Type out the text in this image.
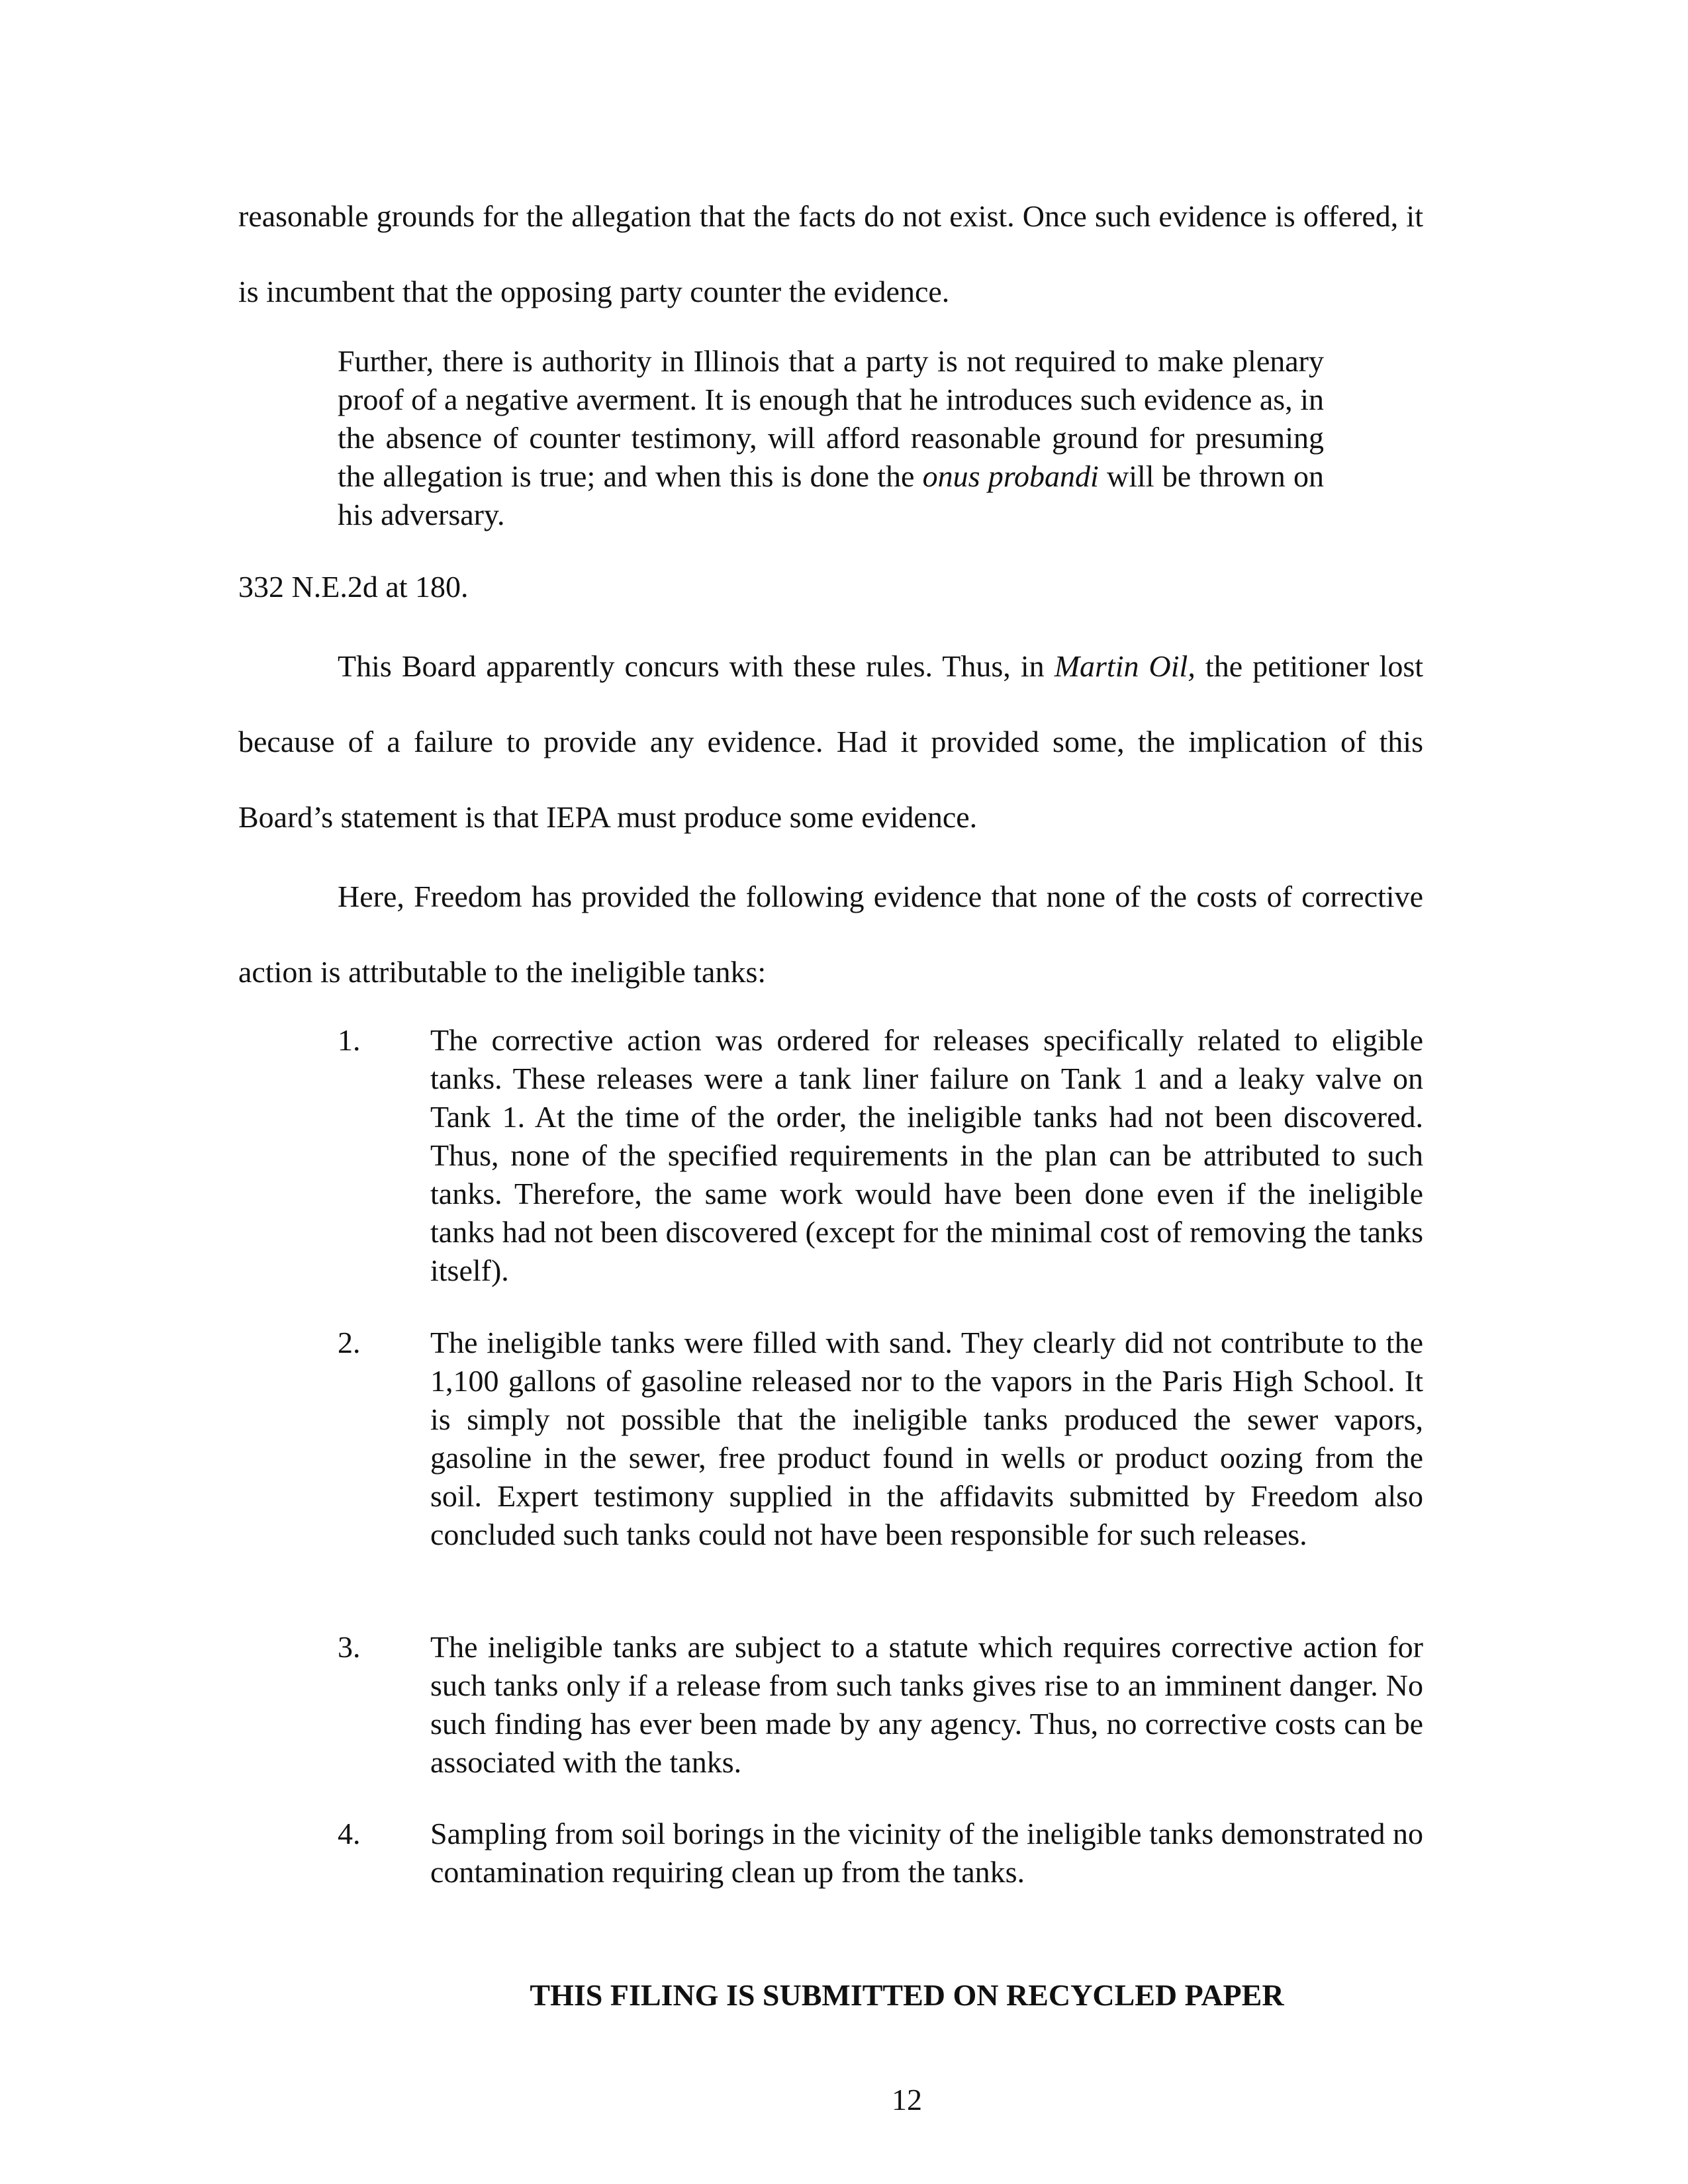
reasonable grounds for the allegation that the facts do not exist. Once such evidence is offered, it is incumbent that the opposing party counter the evidence.

Further, there is authority in Illinois that a party is not required to make plenary proof of a negative averment. It is enough that he introduces such evidence as, in the absence of counter testimony, will afford reasonable ground for presuming the allegation is true; and when this is done the onus probandi will be thrown on his adversary.

332 N.E.2d at 180.

This Board apparently concurs with these rules. Thus, in Martin Oil, the petitioner lost because of a failure to provide any evidence. Had it provided some, the implication of this Board’s statement is that IEPA must produce some evidence.

Here, Freedom has provided the following evidence that none of the costs of corrective action is attributable to the ineligible tanks:

1.	The corrective action was ordered for releases specifically related to eligible tanks. These releases were a tank liner failure on Tank 1 and a leaky valve on Tank 1. At the time of the order, the ineligible tanks had not been discovered. Thus, none of the specified requirements in the plan can be attributed to such tanks. Therefore, the same work would have been done even if the ineligible tanks had not been discovered (except for the minimal cost of removing the tanks itself).

2.	The ineligible tanks were filled with sand. They clearly did not contribute to the 1,100 gallons of gasoline released nor to the vapors in the Paris High School. It is simply not possible that the ineligible tanks produced the sewer vapors, gasoline in the sewer, free product found in wells or product oozing from the soil. Expert testimony supplied in the affidavits submitted by Freedom also concluded such tanks could not have been responsible for such releases.

3.	The ineligible tanks are subject to a statute which requires corrective action for such tanks only if a release from such tanks gives rise to an imminent danger. No such finding has ever been made by any agency. Thus, no corrective costs can be associated with the tanks.

4.	Sampling from soil borings in the vicinity of the ineligible tanks demonstrated no contamination requiring clean up from the tanks.

THIS FILING IS SUBMITTED ON RECYCLED PAPER
12
